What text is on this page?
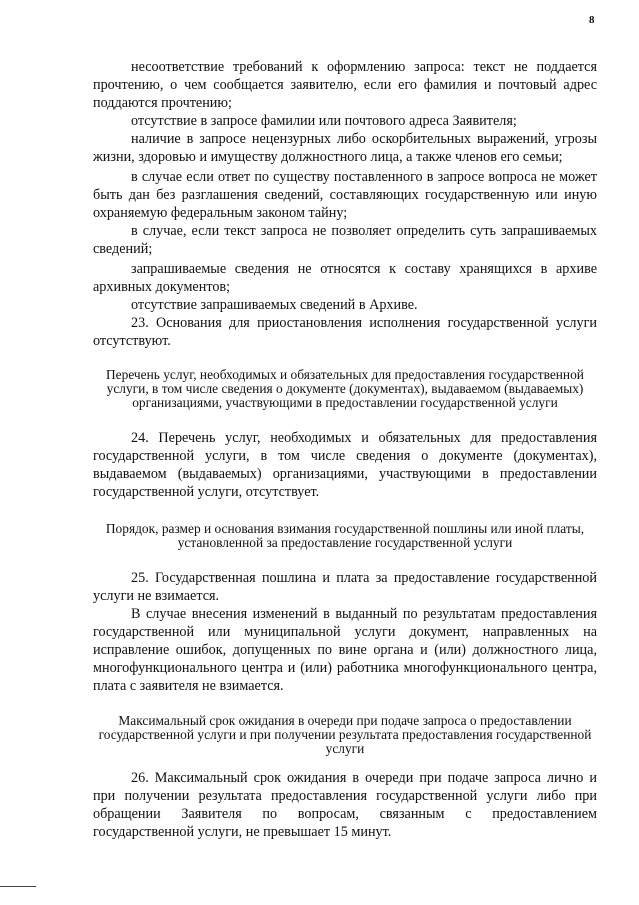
8

несоответствие требований к оформлению запроса: текст не поддается прочтению, о чем сообщается заявителю, если его фамилия и почтовый адрес поддаются прочтению;

отсутствие в запросе фамилии или почтового адреса Заявителя;

наличие в запросе нецензурных либо оскорбительных выражений, угрозы жизни, здоровью и имуществу должностного лица, а также членов его семьи;

в случае если ответ по существу поставленного в запросе вопроса не может быть дан без разглашения сведений, составляющих государственную или иную охраняемую федеральным законом тайну;

в случае, если текст запроса не позволяет определить суть запрашиваемых сведений;

запрашиваемые сведения не относятся к составу хранящихся в архиве архивных документов;

отсутствие запрашиваемых сведений в Архиве.

23. Основания для приостановления исполнения государственной услуги отсутствуют.

Перечень услуг, необходимых и обязательных для предоставления государственной услуги, в том числе сведения о документе (документах), выдаваемом (выдаваемых) организациями, участвующими в предоставлении государственной услуги

24. Перечень услуг, необходимых и обязательных для предоставления государственной услуги, в том числе сведения о документе (документах), выдаваемом (выдаваемых) организациями, участвующими в предоставлении государственной услуги, отсутствует.

Порядок, размер и основания взимания государственной пошлины или иной платы, установленной за предоставление государственной услуги

25. Государственная пошлина и плата за предоставление государственной услуги не взимается.

В случае внесения изменений в выданный по результатам предоставления государственной или муниципальной услуги документ, направленных на исправление ошибок, допущенных по вине органа и (или) должностного лица, многофункционального центра и (или) работника многофункционального центра, плата с заявителя не взимается.

Максимальный срок ожидания в очереди при подаче запроса о предоставлении государственной услуги и при получении результата предоставления государственной услуги

26. Максимальный срок ожидания в очереди при подаче запроса лично и при получении результата предоставления государственной услуги либо при обращении Заявителя по вопросам, связанным с предоставлением государственной услуги, не превышает 15 минут.
